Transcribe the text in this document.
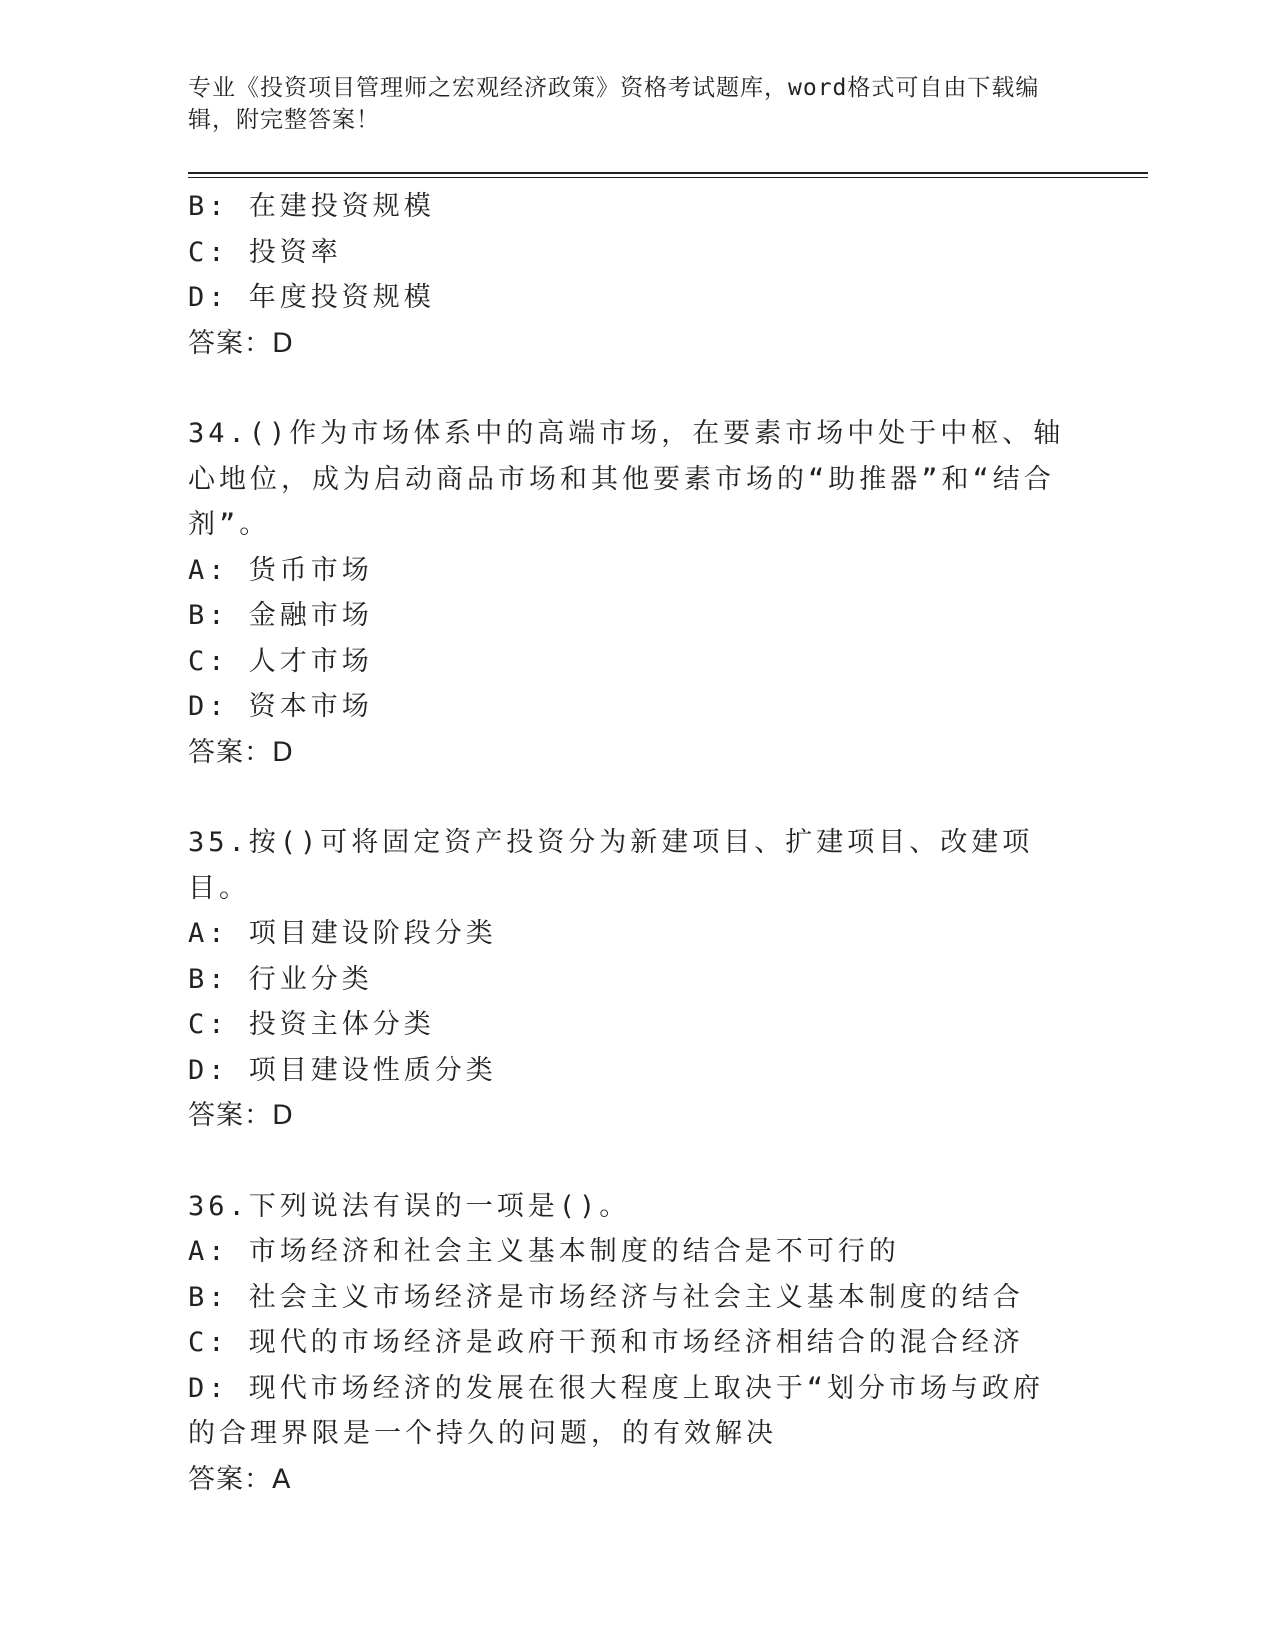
专业《投资项目管理师之宏观经济政策》资格考试题库，word格式可自由下载编辑，附完整答案！

B: 在建投资规模

C: 投资率

D: 年度投资规模

答案：D

34.()作为市场体系中的高端市场，在要素市场中处于中枢、轴心地位，成为启动商品市场和其他要素市场的“助推器”和“结合剂”。

A: 货币市场

B: 金融市场

C: 人才市场

D: 资本市场

答案：D

35.按()可将固定资产投资分为新建项目、扩建项目、改建项目。

A: 项目建设阶段分类

B: 行业分类

C: 投资主体分类

D: 项目建设性质分类

答案：D

36.下列说法有误的一项是()。

A: 市场经济和社会主义基本制度的结合是不可行的

B: 社会主义市场经济是市场经济与社会主义基本制度的结合

C: 现代的市场经济是政府干预和市场经济相结合的混合经济

D: 现代市场经济的发展在很大程度上取决于“划分市场与政府的合理界限是一个持久的问题，的有效解决

答案：A
